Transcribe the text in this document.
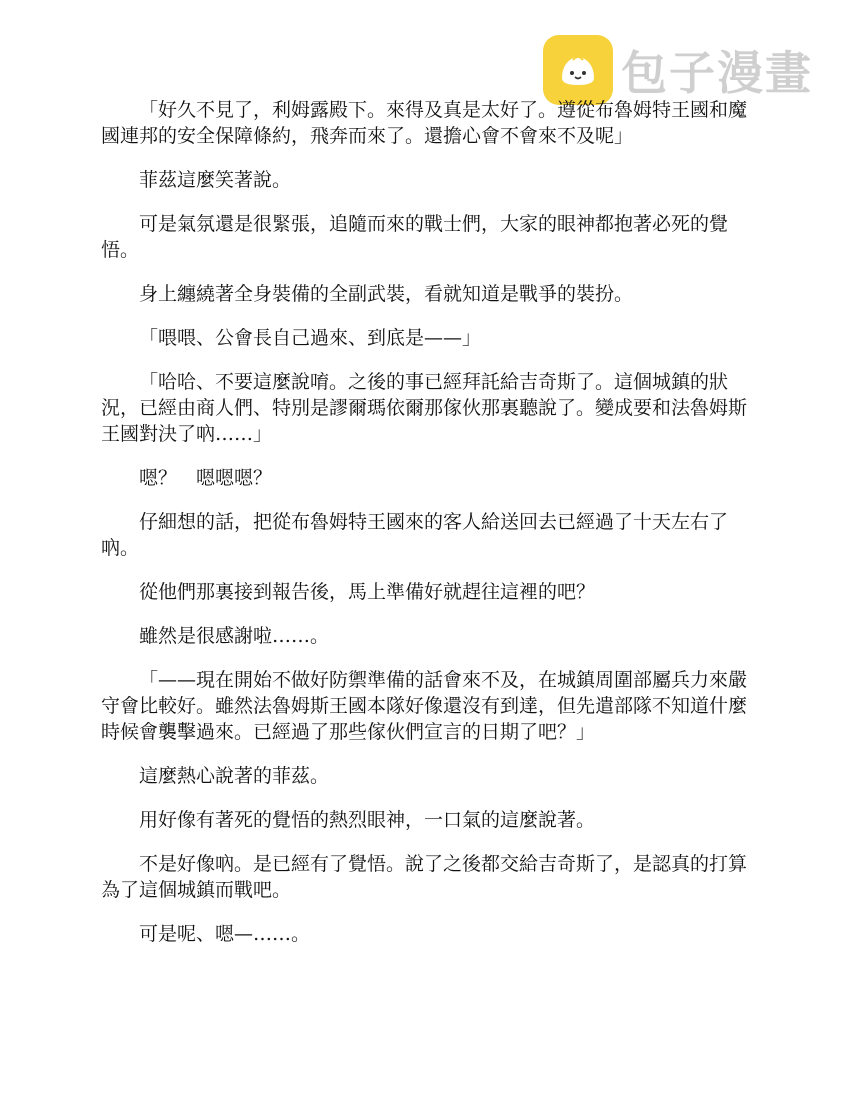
包子漫畫

「好久不見了，利姆露殿下。來得及真是太好了。遵從布魯姆特王國和魔國連邦的安全保障條約，飛奔而來了。還擔心會不會來不及呢」

菲茲這麼笑著說。

可是氣氛還是很緊張，追隨而來的戰士們，大家的眼神都抱著必死的覺悟。

身上纏繞著全身裝備的全副武裝，看就知道是戰爭的裝扮。

「喂喂、公會長自己過來、到底是——」

「哈哈、不要這麼說唷。之後的事已經拜託給吉奇斯了。這個城鎮的狀況，已經由商人們、特別是謬爾瑪依爾那傢伙那裏聽說了。變成要和法魯姆斯王國對決了吶……」

嗯？　嗯嗯嗯？

仔細想的話，把從布魯姆特王國來的客人給送回去已經過了十天左右了吶。

從他們那裏接到報告後，馬上準備好就趕往這裡的吧？

雖然是很感謝啦……。

「——現在開始不做好防禦準備的話會來不及，在城鎮周圍部屬兵力來嚴守會比較好。雖然法魯姆斯王國本隊好像還沒有到達，但先遣部隊不知道什麼時候會襲擊過來。已經過了那些傢伙們宣言的日期了吧？」

這麼熱心說著的菲茲。

用好像有著死的覺悟的熱烈眼神，一口氣的這麼說著。

不是好像吶。是已經有了覺悟。說了之後都交給吉奇斯了，是認真的打算為了這個城鎮而戰吧。

可是呢、嗯—……。
